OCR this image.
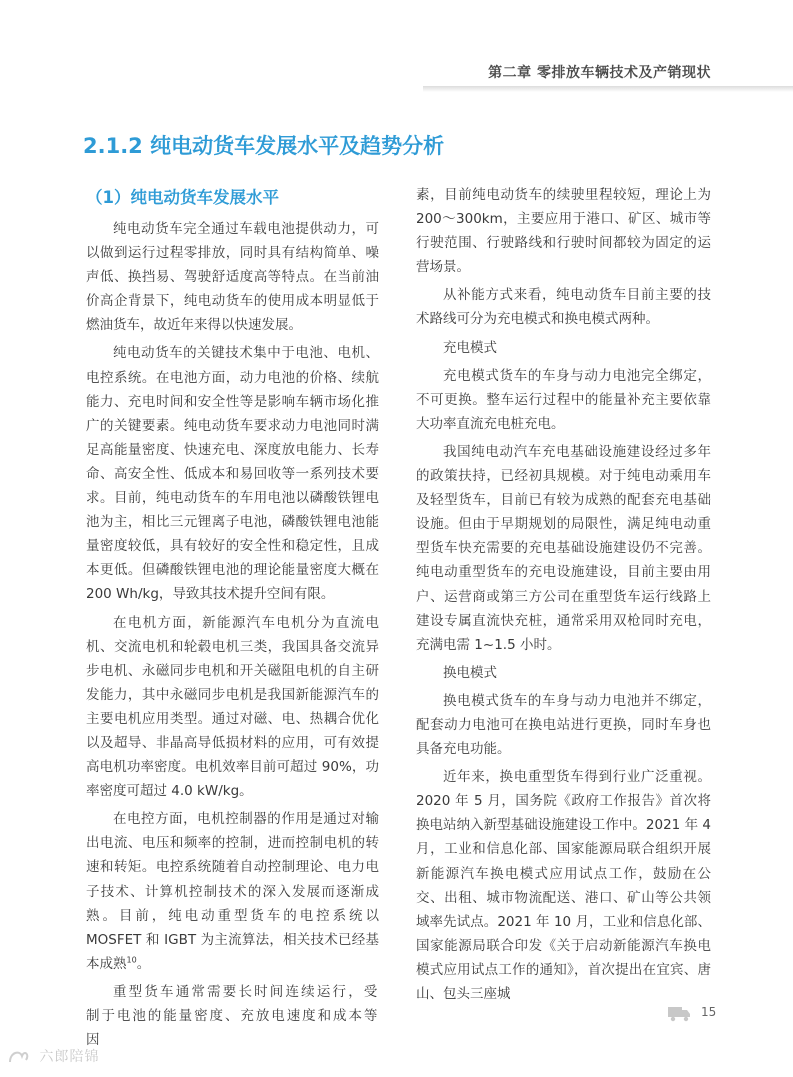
第二章 零排放车辆技术及产销现状
2.1.2 纯电动货车发展水平及趋势分析
（1）纯电动货车发展水平

纯电动货车完全通过车载电池提供动力，可以做到运行过程零排放，同时具有结构简单、噪声低、换挡易、驾驶舒适度高等特点。在当前油价高企背景下，纯电动货车的使用成本明显低于燃油货车，故近年来得以快速发展。

纯电动货车的关键技术集中于电池、电机、电控系统。在电池方面，动力电池的价格、续航能力、充电时间和安全性等是影响车辆市场化推广的关键要素。纯电动货车要求动力电池同时满足高能量密度、快速充电、深度放电能力、长寿命、高安全性、低成本和易回收等一系列技术要求。目前，纯电动货车的车用电池以磷酸铁锂电池为主，相比三元锂离子电池，磷酸铁锂电池能量密度较低，具有较好的安全性和稳定性，且成本更低。但磷酸铁锂电池的理论能量密度大概在 200 Wh/kg，导致其技术提升空间有限。

在电机方面，新能源汽车电机分为直流电机、交流电机和轮毂电机三类，我国具备交流异步电机、永磁同步电机和开关磁阻电机的自主研发能力，其中永磁同步电机是我国新能源汽车的主要电机应用类型。通过对磁、电、热耦合优化以及超导、非晶高导低损材料的应用，可有效提高电机功率密度。电机效率目前可超过 90%，功率密度可超过 4.0 kW/kg。

在电控方面，电机控制器的作用是通过对输出电流、电压和频率的控制，进而控制电机的转速和转矩。电控系统随着自动控制理论、电力电子技术、计算机控制技术的深入发展而逐渐成熟。目前，纯电动重型货车的电控系统以 MOSFET 和 IGBT 为主流算法，相关技术已经基本成熟$^{10}$。

重型货车通常需要长时间连续运行，受制于电池的能量密度、充放电速度和成本等因

素，目前纯电动货车的续驶里程较短，理论上为 200～300km，主要应用于港口、矿区、城市等行驶范围、行驶路线和行驶时间都较为固定的运营场景。

从补能方式来看，纯电动货车目前主要的技术路线可分为充电模式和换电模式两种。

充电模式

充电模式货车的车身与动力电池完全绑定，不可更换。整车运行过程中的能量补充主要依靠大功率直流充电桩充电。

我国纯电动汽车充电基础设施建设经过多年的政策扶持，已经初具规模。对于纯电动乘用车及轻型货车，目前已有较为成熟的配套充电基础设施。但由于早期规划的局限性，满足纯电动重型货车快充需要的充电基础设施建设仍不完善。纯电动重型货车的充电设施建设，目前主要由用户、运营商或第三方公司在重型货车运行线路上建设专属直流快充桩，通常采用双枪同时充电，充满电需 1~1.5 小时。

换电模式

换电模式货车的车身与动力电池并不绑定，配套动力电池可在换电站进行更换，同时车身也具备充电功能。

近年来，换电重型货车得到行业广泛重视。2020 年 5 月，国务院《政府工作报告》首次将换电站纳入新型基础设施建设工作中。2021 年 4 月，工业和信息化部、国家能源局联合组织开展新能源汽车换电模式应用试点工作，鼓励在公交、出租、城市物流配送、港口、矿山等公共领域率先试点。2021 年 10 月，工业和信息化部、国家能源局联合印发《关于启动新能源汽车换电模式应用试点工作的通知》，首次提出在宜宾、唐山、包头三座城

15
六郎陪锦
